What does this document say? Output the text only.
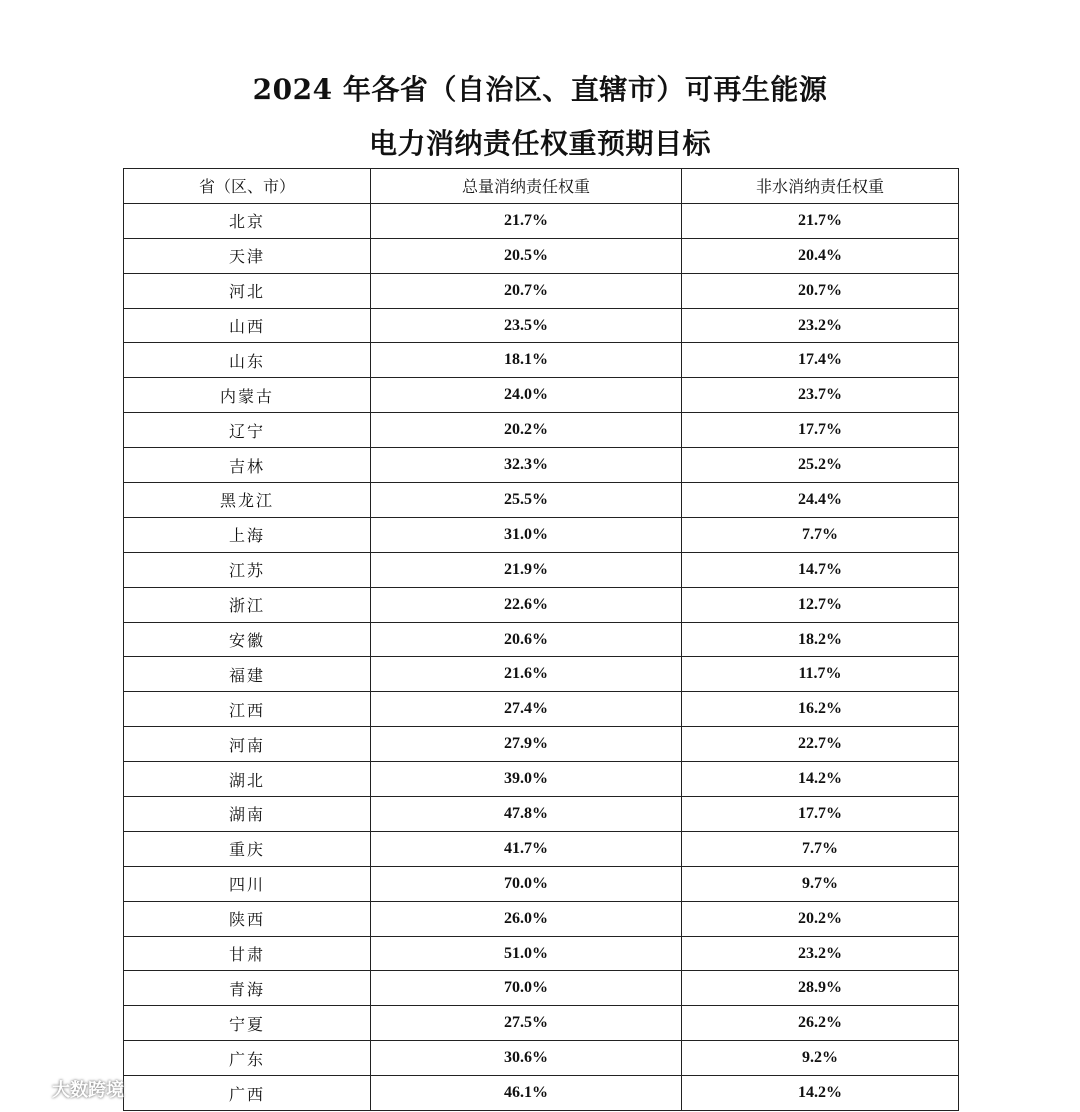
2024 年各省（自治区、直辖市）可再生能源
电力消纳责任权重预期目标
省（区、市）	总量消纳责任权重	非水消纳责任权重
北京	21.7%	21.7%
天津	20.5%	20.4%
河北	20.7%	20.7%
山西	23.5%	23.2%
山东	18.1%	17.4%
内蒙古	24.0%	23.7%
辽宁	20.2%	17.7%
吉林	32.3%	25.2%
黑龙江	25.5%	24.4%
上海	31.0%	7.7%
江苏	21.9%	14.7%
浙江	22.6%	12.7%
安徽	20.6%	18.2%
福建	21.6%	11.7%
江西	27.4%	16.2%
河南	27.9%	22.7%
湖北	39.0%	14.2%
湖南	47.8%	17.7%
重庆	41.7%	7.7%
四川	70.0%	9.7%
陕西	26.0%	20.2%
甘肃	51.0%	23.2%
青海	70.0%	28.9%
宁夏	27.5%	26.2%
广东	30.6%	9.2%
广西	46.1%	14.2%
大数跨境
